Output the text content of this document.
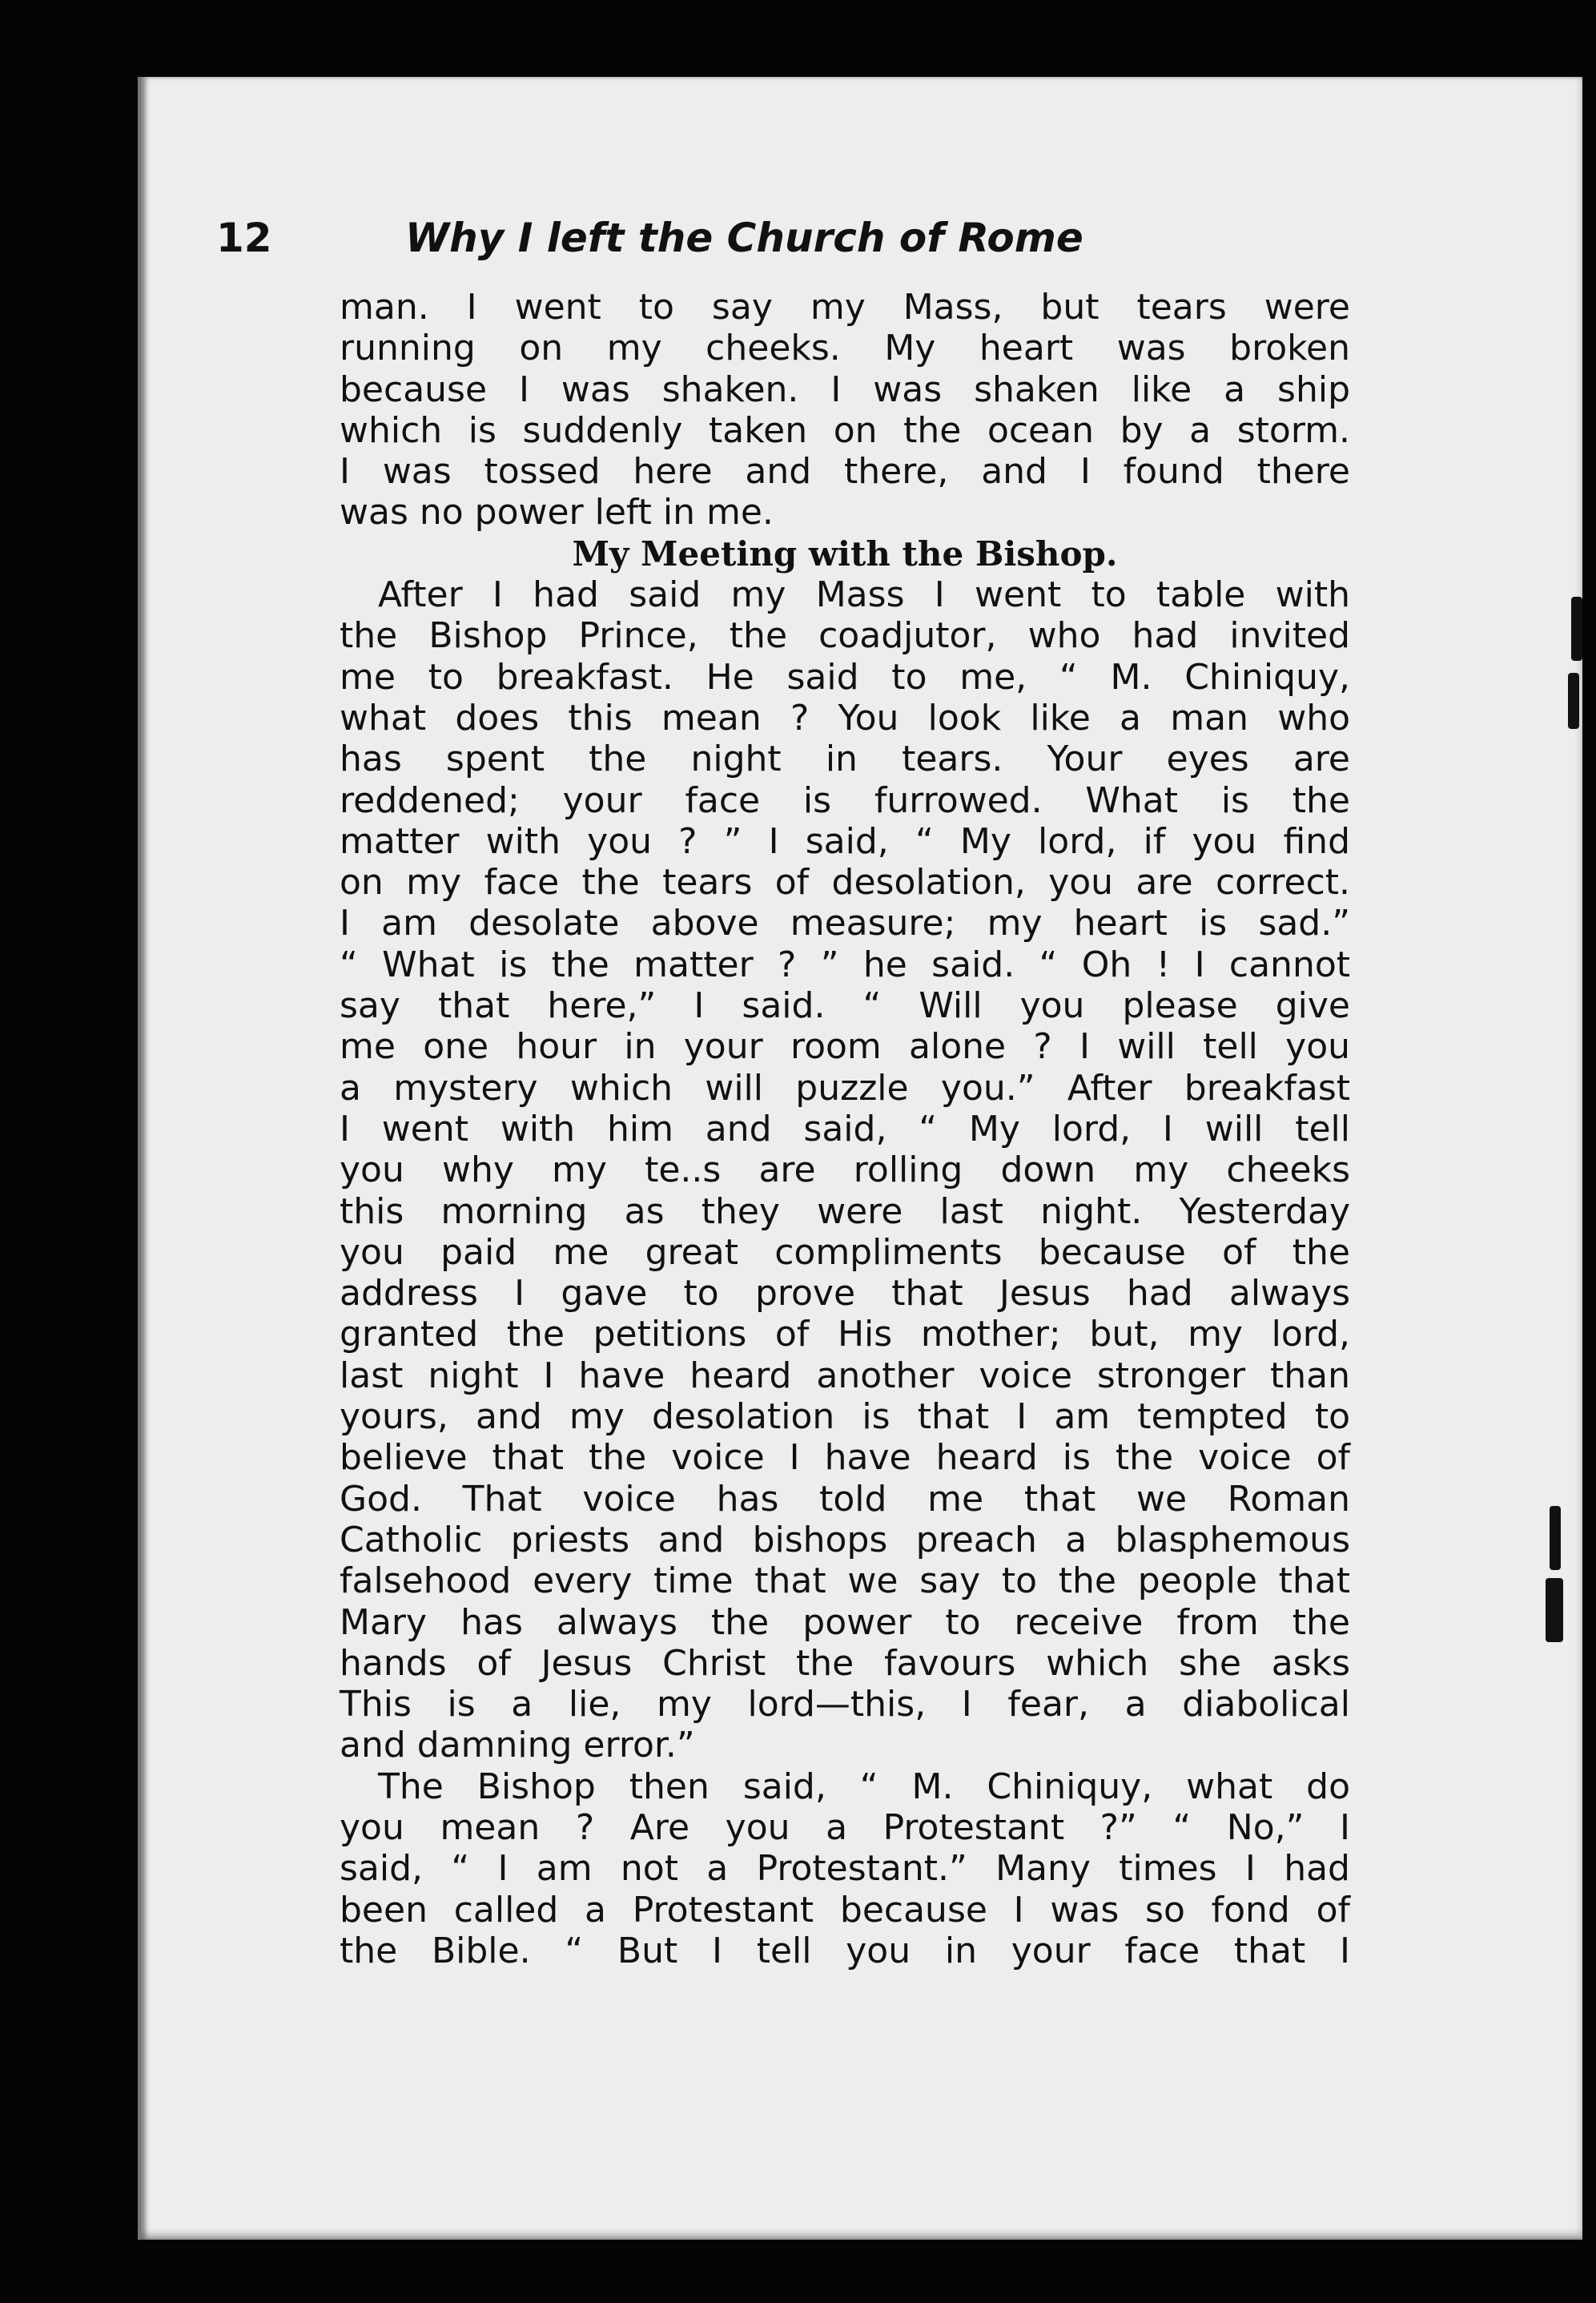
12	Why I left the Church of Rome
man. I went to say my Mass, but tears were
running on my cheeks. My heart was broken
because I was shaken. I was shaken like a ship
which is suddenly taken on the ocean by a storm.
I was tossed here and there, and I found there
was no power left in me.
My Meeting with the Bishop.
After I had said my Mass I went to table with
the Bishop Prince, the coadjutor, who had invited
me to breakfast. He said to me, “ M. Chiniquy,
what does this mean ? You look like a man who
has spent the night in tears. Your eyes are
reddened; your face is furrowed. What is the
matter with you ? ” I said, “ My lord, if you find
on my face the tears of desolation, you are correct.
I am desolate above measure; my heart is sad.”
“ What is the matter ? ” he said. “ Oh ! I cannot
say that here,” I said. “ Will you please give
me one hour in your room alone ? I will tell you
a mystery which will puzzle you.” After breakfast
I went with him and said, “ My lord, I will tell
you why my te..s are rolling down my cheeks
this morning as they were last night. Yesterday
you paid me great compliments because of the
address I gave to prove that Jesus had always
granted the petitions of His mother; but, my lord,
last night I have heard another voice stronger than
yours, and my desolation is that I am tempted to
believe that the voice I have heard is the voice of
God. That voice has told me that we Roman
Catholic priests and bishops preach a blasphemous
falsehood every time that we say to the people that
Mary has always the power to receive from the
hands of Jesus Christ the favours which she asks
This is a lie, my lord—this, I fear, a diabolical
and damning error.”
The Bishop then said, “ M. Chiniquy, what do
you mean ? Are you a Protestant ?” “ No,” I
said, “ I am not a Protestant.” Many times I had
been called a Protestant because I was so fond of
the Bible. “ But I tell you in your face that I
